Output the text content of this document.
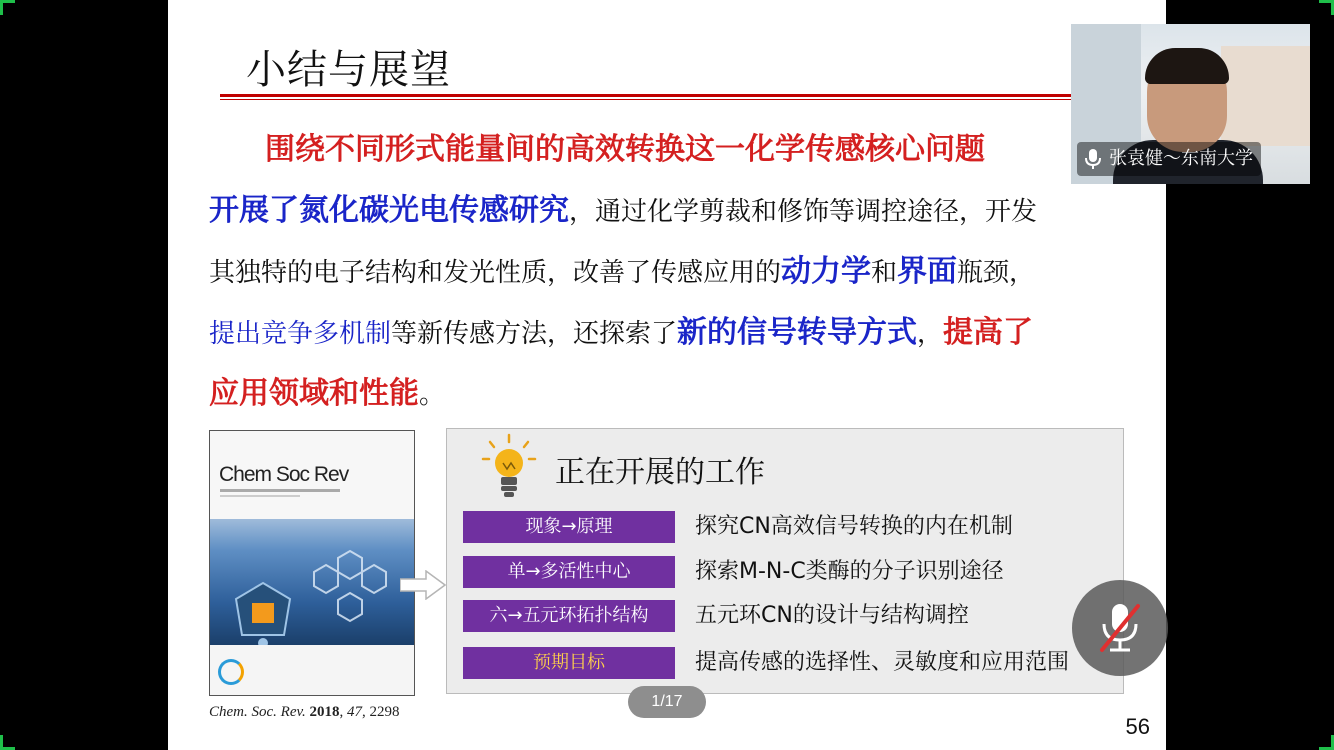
小结与展望
围绕不同形式能量间的高效转换这一化学传感核心问题
开展了氮化碳光电传感研究，通过化学剪裁和修饰等调控途径，开发
其独特的电子结构和发光性质，改善了传感应用的动力学和界面瓶颈，
提出竞争多机制等新传感方法，还探索了新的信号转导方式，提高了
应用领域和性能。
Chem Soc Rev	正在开展的工作
现象→原理	探究CN高效信号转换的内在机制
单→多活性中心	探索M-N-C类酶的分子识别途径
六→五元环拓扑结构	五元环CN的设计与结构调控
预期目标	提高传感的选择性、灵敏度和应用范围
Chem. Soc. Rev. 2018, 47, 2298
56
1/17
张袁健～东南大学
